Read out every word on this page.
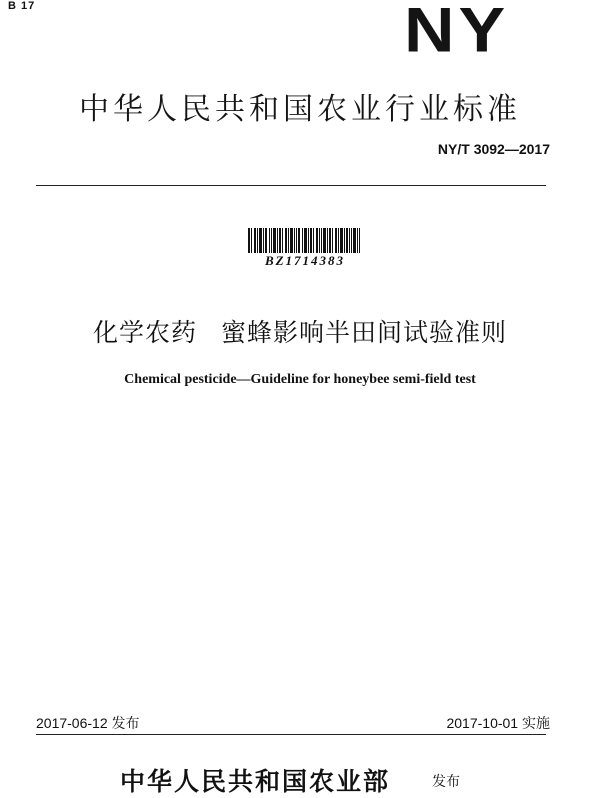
B 17	NY
中华人民共和国农业行业标准
NY/T 3092—2017
BZ1714383
化学农药 蜜蜂影响半田间试验准则
Chemical pesticide—Guideline for honeybee semi-field test
2017-06-12 发布	2017-10-01 实施
中华人民共和国农业部	发布
